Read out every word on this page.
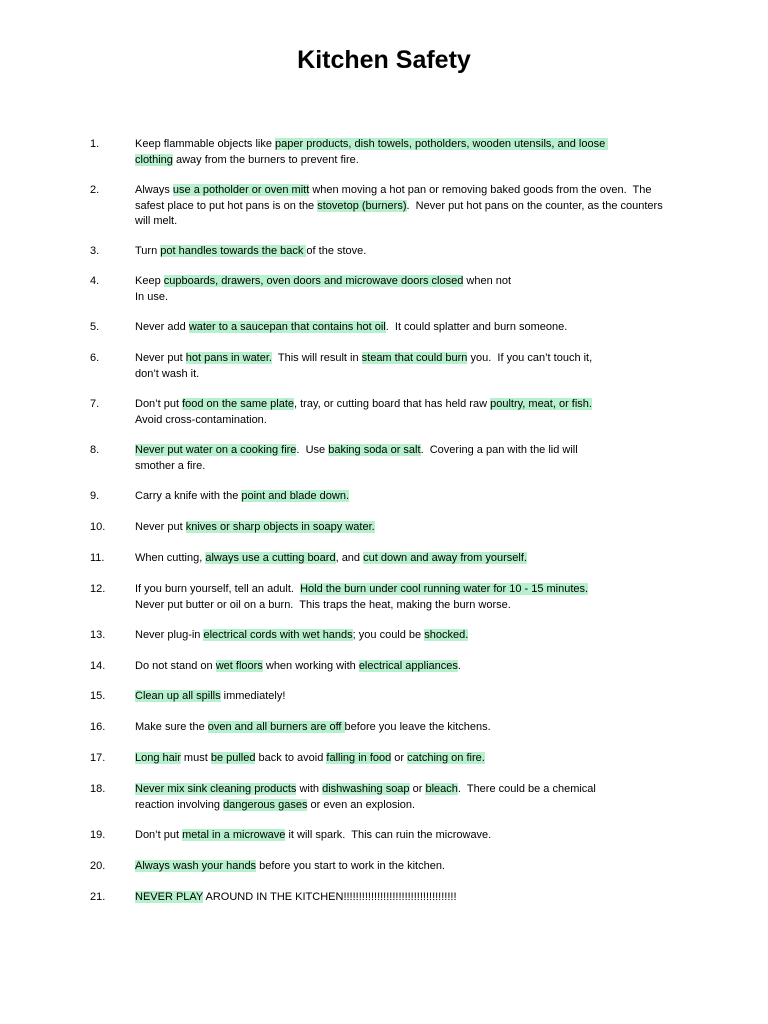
Kitchen Safety
1.	Keep flammable objects like paper products, dish towels, potholders, wooden utensils, and loose
clothing away from the burners to prevent fire.
2.	Always use a potholder or oven mitt when moving a hot pan or removing baked goods from the oven.  The
safest place to put hot pans is on the stovetop (burners).  Never put hot pans on the counter, as the counters
will melt.
3.	Turn pot handles towards the back of the stove.
4.	Keep cupboards, drawers, oven doors and microwave doors closed when not
In use.
5.	Never add water to a saucepan that contains hot oil.  It could splatter and burn someone.
6.	Never put hot pans in water.  This will result in steam that could burn you.  If you can’t touch it,
don’t wash it.
7.	Don’t put food on the same plate, tray, or cutting board that has held raw poultry, meat, or fish.
Avoid cross-contamination.
8.	Never put water on a cooking fire.  Use baking soda or salt.  Covering a pan with the lid will
smother a fire.
9.	Carry a knife with the point and blade down.
10.	Never put knives or sharp objects in soapy water.
11.	When cutting, always use a cutting board, and cut down and away from yourself.
12.	If you burn yourself, tell an adult.  Hold the burn under cool running water for 10 - 15 minutes.
Never put butter or oil on a burn.  This traps the heat, making the burn worse.
13.	Never plug-in electrical cords with wet hands; you could be shocked.
14.	Do not stand on wet floors when working with electrical appliances.
15.	Clean up all spills immediately!
16.	Make sure the oven and all burners are off before you leave the kitchens.
17.	Long hair must be pulled back to avoid falling in food or catching on fire.
18.	Never mix sink cleaning products with dishwashing soap or bleach.  There could be a chemical
reaction involving dangerous gases or even an explosion.
19.	Don’t put metal in a microwave it will spark.  This can ruin the microwave.
20.	Always wash your hands before you start to work in the kitchen.
21.	NEVER PLAY AROUND IN THE KITCHEN!!!!!!!!!!!!!!!!!!!!!!!!!!!!!!!!!!!!!
